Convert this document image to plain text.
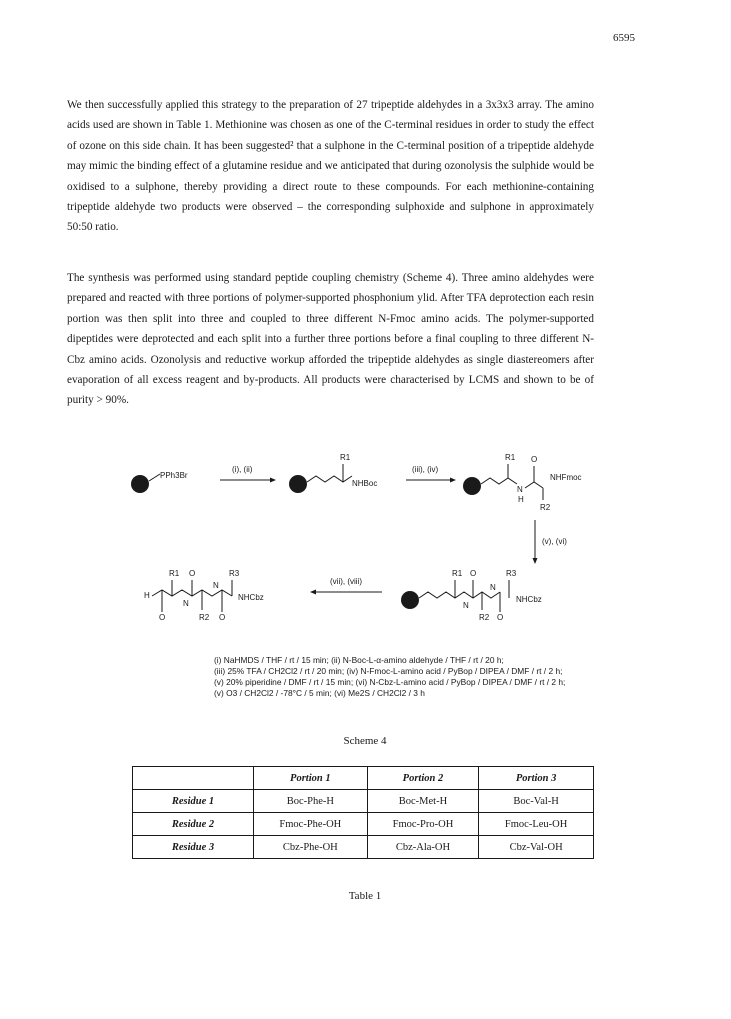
6595

We then successfully applied this strategy to the preparation of 27 tripeptide aldehydes in a 3x3x3 array. The amino acids used are shown in Table 1. Methionine was chosen as one of the C-terminal residues in order to study the effect of ozone on this side chain. It has been suggested² that a sulphone in the C-terminal position of a tripeptide aldehyde may mimic the binding effect of a glutamine residue and we anticipated that during ozonolysis the sulphide would be oxidised to a sulphone, thereby providing a direct route to these compounds. For each methionine-containing tripeptide aldehyde two products were observed – the corresponding sulphoxide and sulphone in approximately 50:50 ratio.

The synthesis was performed using standard peptide coupling chemistry (Scheme 4). Three amino aldehydes were prepared and reacted with three portions of polymer-supported phosphonium ylid. After TFA deprotection each resin portion was then split into three and coupled to three different N-Fmoc amino acids. The polymer-supported dipeptides were deprotected and each split into a further three portions before a final coupling to three different N-Cbz amino acids. Ozonolysis and reductive workup afforded the tripeptide aldehydes as single diastereomers after evaporation of all excess reagent and by-products. All products were characterised by LCMS and shown to be of purity > 90%.

PPh3Br
(i), (ii)
R1
NHBoc
(iii), (iv)
R1
N
H
O
R2
NHFmoc
(v), (vi)
H
O
R1
N
O
R2
N
O
R3
NHCbz
(vii), (viii)
R1
N
O
R2
N
O
R3
NHCbz
(i) NaHMDS / THF / rt / 15 min; (ii) N-Boc-L-α-amino aldehyde / THF / rt / 20 h;
(iii) 25% TFA / CH2Cl2 / rt / 20 min; (iv) N-Fmoc-L-amino acid / PyBop / DIPEA / DMF / rt / 2 h;
(v) 20% piperidine / DMF / rt / 15 min; (vi) N-Cbz-L-amino acid / PyBop / DIPEA / DMF / rt / 2 h;
(v) O3 / CH2Cl2 / -78°C / 5 min; (vi) Me2S / CH2Cl2 / 3 h
Scheme 4
	Portion 1	Portion 2	Portion 3
Residue 1	Boc-Phe-H	Boc-Met-H	Boc-Val-H
Residue 2	Fmoc-Phe-OH	Fmoc-Pro-OH	Fmoc-Leu-OH
Residue 3	Cbz-Phe-OH	Cbz-Ala-OH	Cbz-Val-OH
Table 1
